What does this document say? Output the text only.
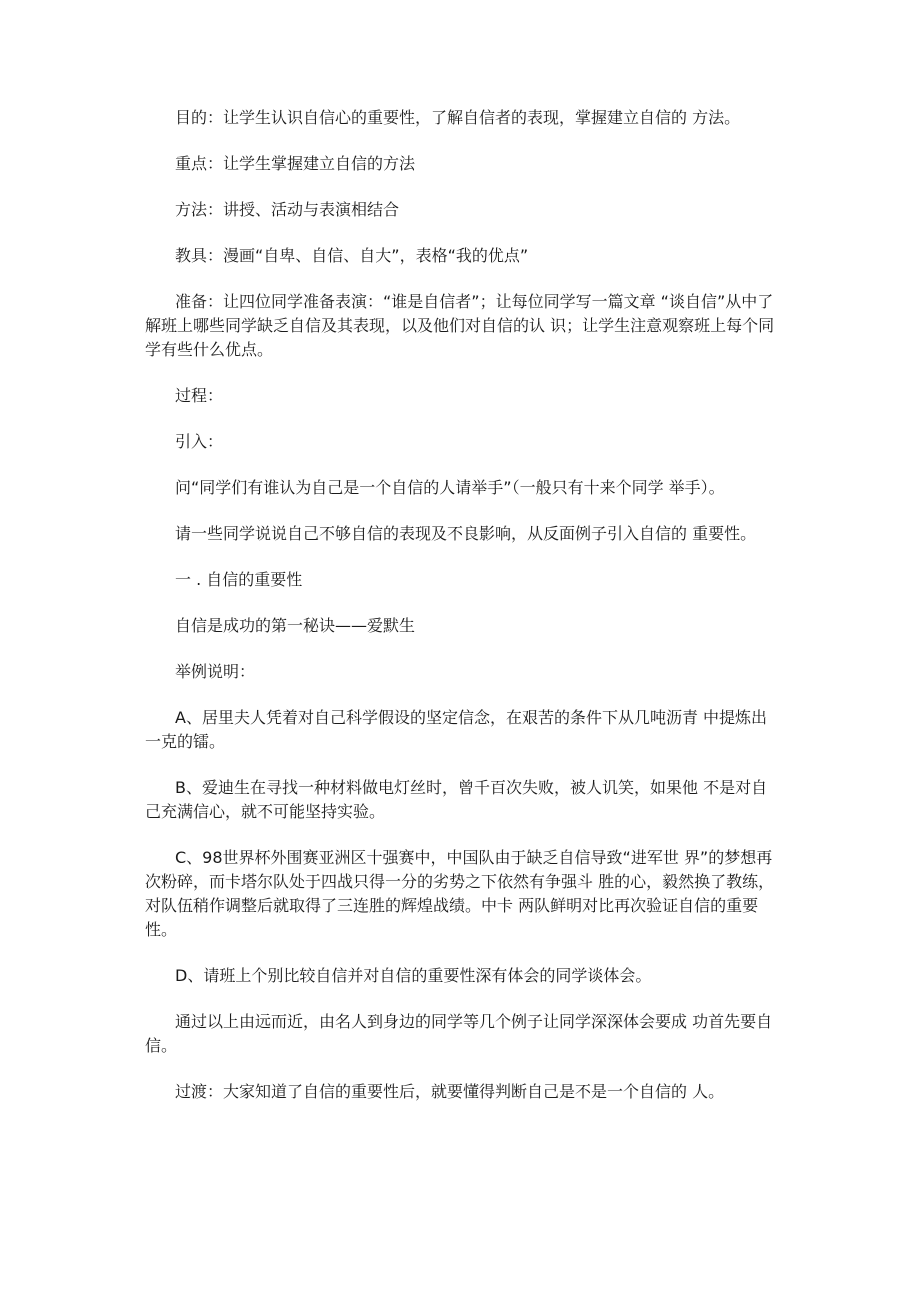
目的：让学生认识自信心的重要性，了解自信者的表现，掌握建立自信的 方法。

重点：让学生掌握建立自信的方法

方法：讲授、活动与表演相结合

教具：漫画“自卑、自信、自大”，表格“我的优点”

准备：让四位同学准备表演：“谁是自信者”；让每位同学写一篇文章 “谈自信”从中了解班上哪些同学缺乏自信及其表现，以及他们对自信的认 识；让学生注意观察班上每个同学有些什么优点。

过程：

引入：

问“同学们有谁认为自己是一个自信的人请举手”（一般只有十来个同学 举手）。

请一些同学说说自己不够自信的表现及不良影响，从反面例子引入自信的 重要性。

一 . 自信的重要性

自信是成功的第一秘诀——爱默生

举例说明：

A、居里夫人凭着对自己科学假设的坚定信念，在艰苦的条件下从几吨沥青 中提炼出一克的镭。

B、爱迪生在寻找一种材料做电灯丝时，曾千百次失败，被人讥笑，如果他 不是对自己充满信心，就不可能坚持实验。

C、98世界杯外围赛亚洲区十强赛中，中国队由于缺乏自信导致“进军世 界”的梦想再次粉碎，而卡塔尔队处于四战只得一分的劣势之下依然有争强斗 胜的心，毅然换了教练，对队伍稍作调整后就取得了三连胜的辉煌战绩。中卡 两队鲜明对比再次验证自信的重要性。

D、请班上个别比较自信并对自信的重要性深有体会的同学谈体会。

通过以上由远而近，由名人到身边的同学等几个例子让同学深深体会要成 功首先要自信。

过渡：大家知道了自信的重要性后，就要懂得判断自己是不是一个自信的 人。
